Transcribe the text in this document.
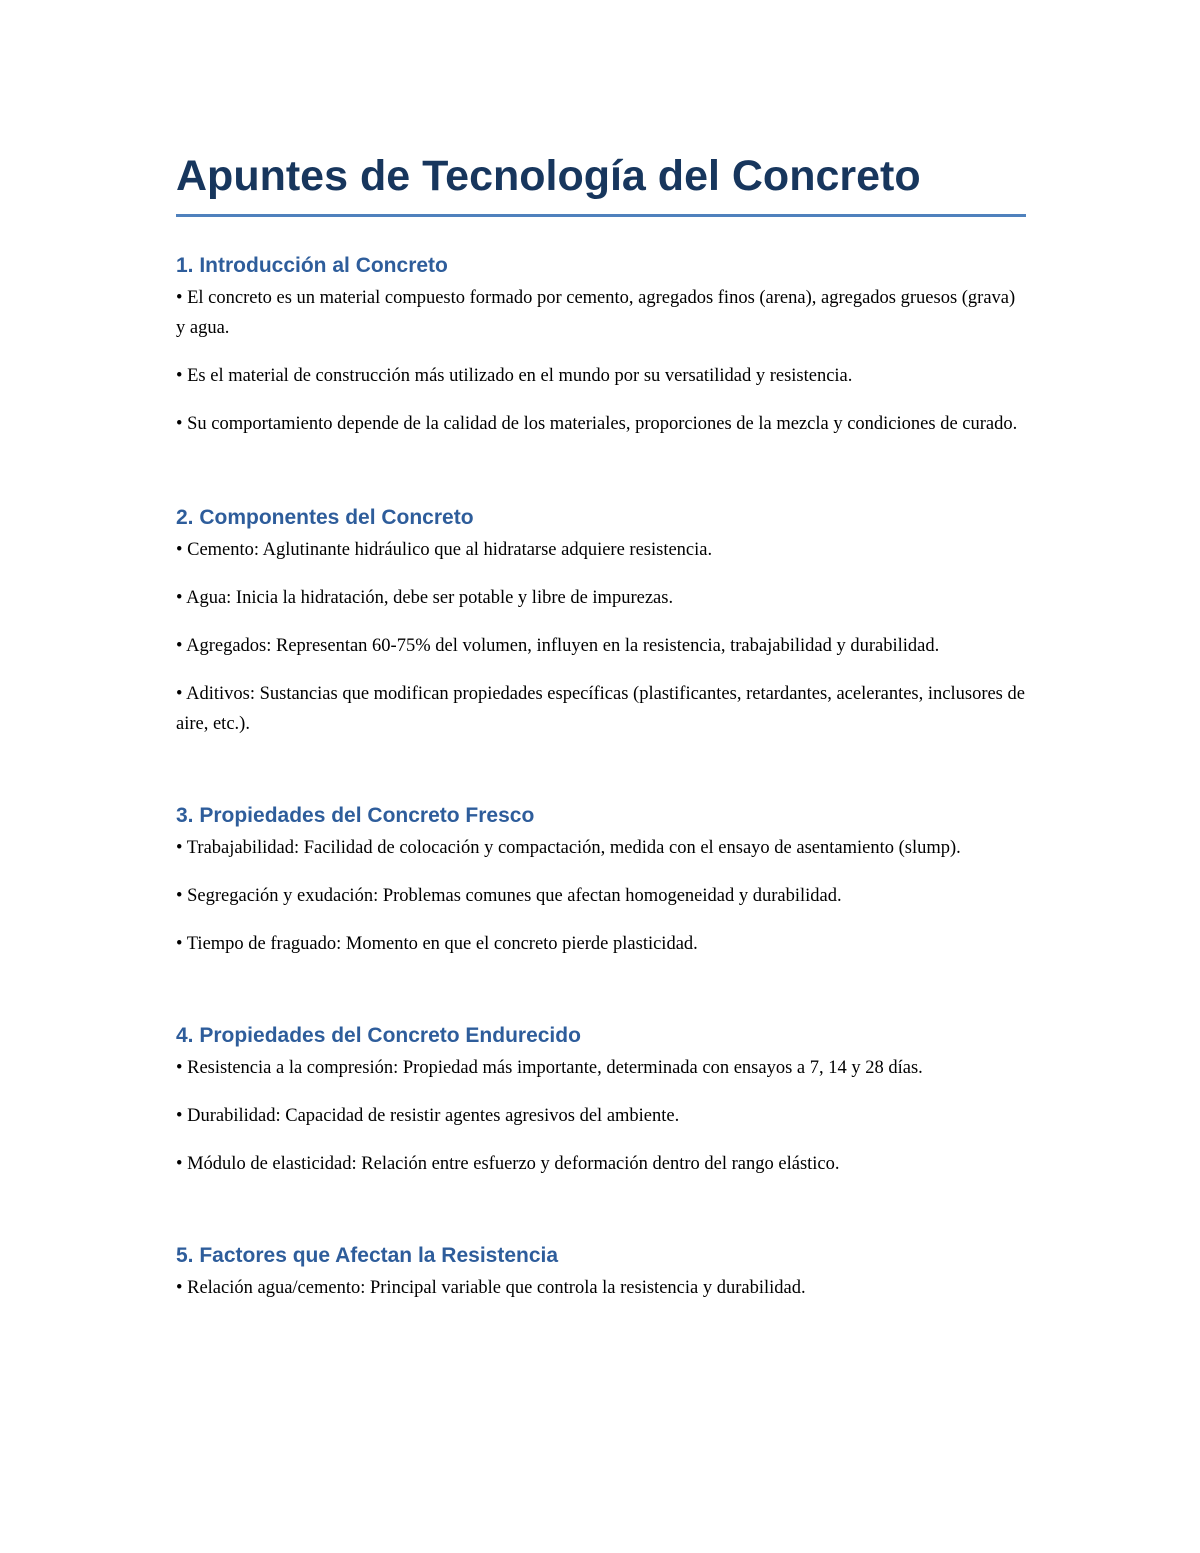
Apuntes de Tecnología del Concreto
1. Introducción al Concreto

• El concreto es un material compuesto formado por cemento, agregados finos (arena), agregados gruesos (grava) y agua.

• Es el material de construcción más utilizado en el mundo por su versatilidad y resistencia.

• Su comportamiento depende de la calidad de los materiales, proporciones de la mezcla y condiciones de curado.

2. Componentes del Concreto

• Cemento: Aglutinante hidráulico que al hidratarse adquiere resistencia.

• Agua: Inicia la hidratación, debe ser potable y libre de impurezas.

• Agregados: Representan 60-75% del volumen, influyen en la resistencia, trabajabilidad y durabilidad.

• Aditivos: Sustancias que modifican propiedades específicas (plastificantes, retardantes, acelerantes, inclusores de aire, etc.).

3. Propiedades del Concreto Fresco

• Trabajabilidad: Facilidad de colocación y compactación, medida con el ensayo de asentamiento (slump).

• Segregación y exudación: Problemas comunes que afectan homogeneidad y durabilidad.

• Tiempo de fraguado: Momento en que el concreto pierde plasticidad.

4. Propiedades del Concreto Endurecido

• Resistencia a la compresión: Propiedad más importante, determinada con ensayos a 7, 14 y 28 días.

• Durabilidad: Capacidad de resistir agentes agresivos del ambiente.

• Módulo de elasticidad: Relación entre esfuerzo y deformación dentro del rango elástico.

5. Factores que Afectan la Resistencia

• Relación agua/cemento: Principal variable que controla la resistencia y durabilidad.
